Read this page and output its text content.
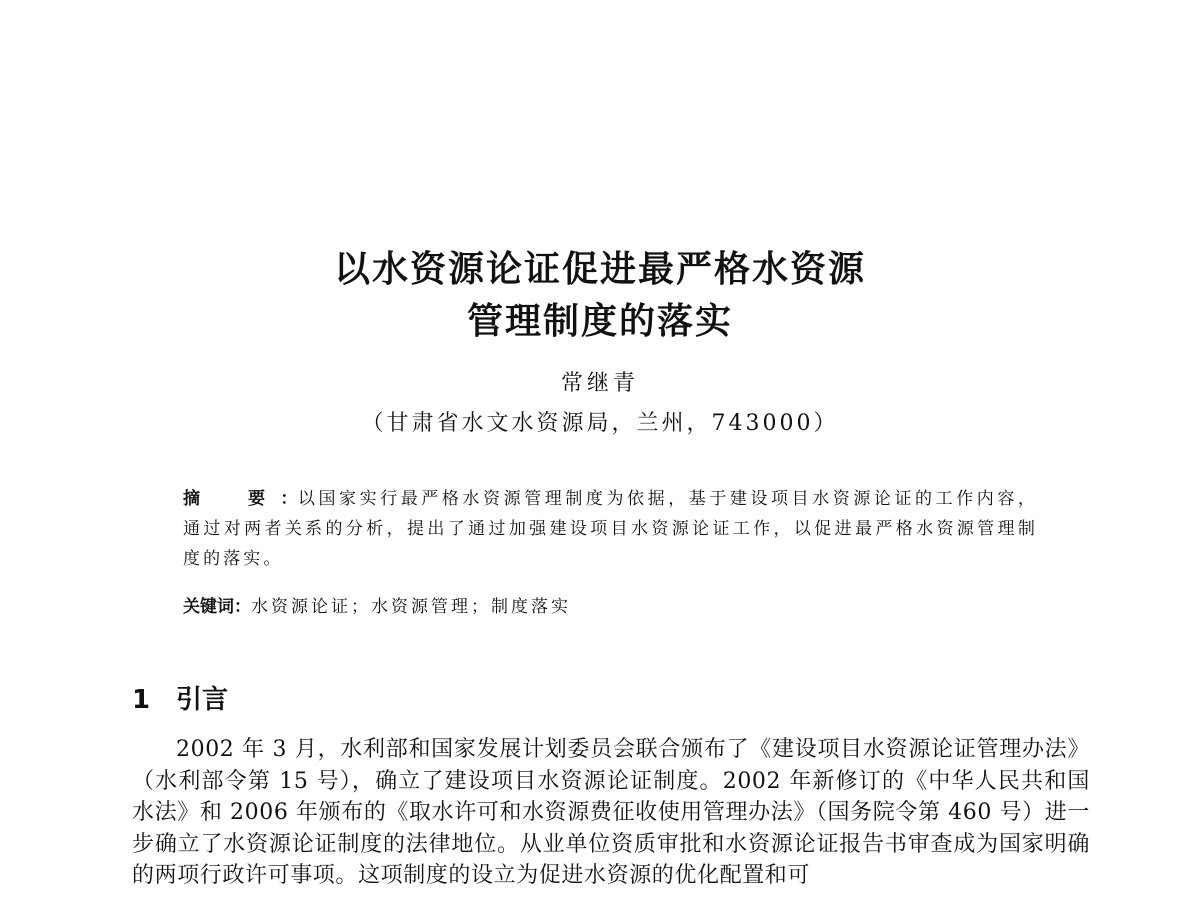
以水资源论证促进最严格水资源
管理制度的落实
常继青
（甘肃省水文水资源局，兰州，743000）
摘　要：以国家实行最严格水资源管理制度为依据，基于建设项目水资源论证的工作内容，通过对两者关系的分析，提出了通过加强建设项目水资源论证工作，以促进最严格水资源管理制度的落实。
关键词：水资源论证；水资源管理；制度落实
1 引言
2002 年 3 月，水利部和国家发展计划委员会联合颁布了《建设项目水资源论证管理办法》（水利部令第 15 号），确立了建设项目水资源论证制度。2002 年新修订的《中华人民共和国水法》和 2006 年颁布的《取水许可和水资源费征收使用管理办法》（国务院令第 460 号）进一步确立了水资源论证制度的法律地位。从业单位资质审批和水资源论证报告书审查成为国家明确的两项行政许可事项。这项制度的设立为促进水资源的优化配置和可
